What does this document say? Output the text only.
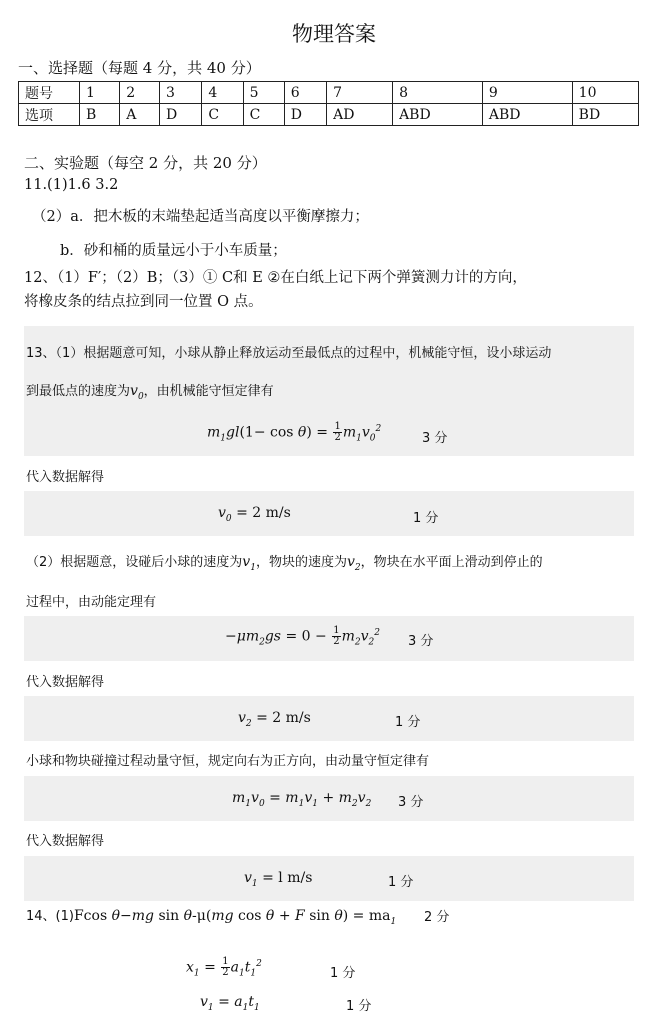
物理答案
一、选择题（每题 4 分，共 40 分）
题号	1	2	3	4	5	6	7	8	9	10
选项	B	A	D	C	C	D	AD	ABD	ABD	BD
二、实验题（每空 2 分，共 20 分）
11.(1)1.6 3.2
（2）a．把木板的末端垫起适当高度以平衡摩擦力；
b．砂和桶的质量远小于小车质量；
12、（1）F′；（2）B；（3）① C和 E ②在白纸上记下两个弹簧测力计的方向，
将橡皮条的结点拉到同一位置 O 点。
13、（1）根据题意可知，小球从静止释放运动至最低点的过程中，机械能守恒，设小球运动
到最低点的速度为$v_0$，由机械能守恒定律有
$m_1gl(1- \cos \theta) = \frac{1}{2} m_1v_0^2$
3 分
代入数据解得
$v_0 = 2$ m/s	1 分
（2）根据题意，设碰后小球的速度为$v_1$，物块的速度为$v_2$，物块在水平面上滑动到停止的
过程中，由动能定理有
$-\mu m_2gs = 0 - \frac{1}{2} m_2v_2^2$
3 分
代入数据解得
$v_2 = 2$ m/s	1 分
小球和物块碰撞过程动量守恒，规定向右为正方向，由动量守恒定律有
$m_1v_0 = m_1v_1 + m_2v_2$ 3 分
代入数据解得
$v_1 = l$ m/s	1 分
14、(1)Fcos θ−mg sin θ-μ(mg cos θ + F $\sin \theta) = ma_1$ 2 分
$x_1 = \frac{1}{2} a_1t_1^2$
1 分
$v_1 = a_1t_1$	1 分
